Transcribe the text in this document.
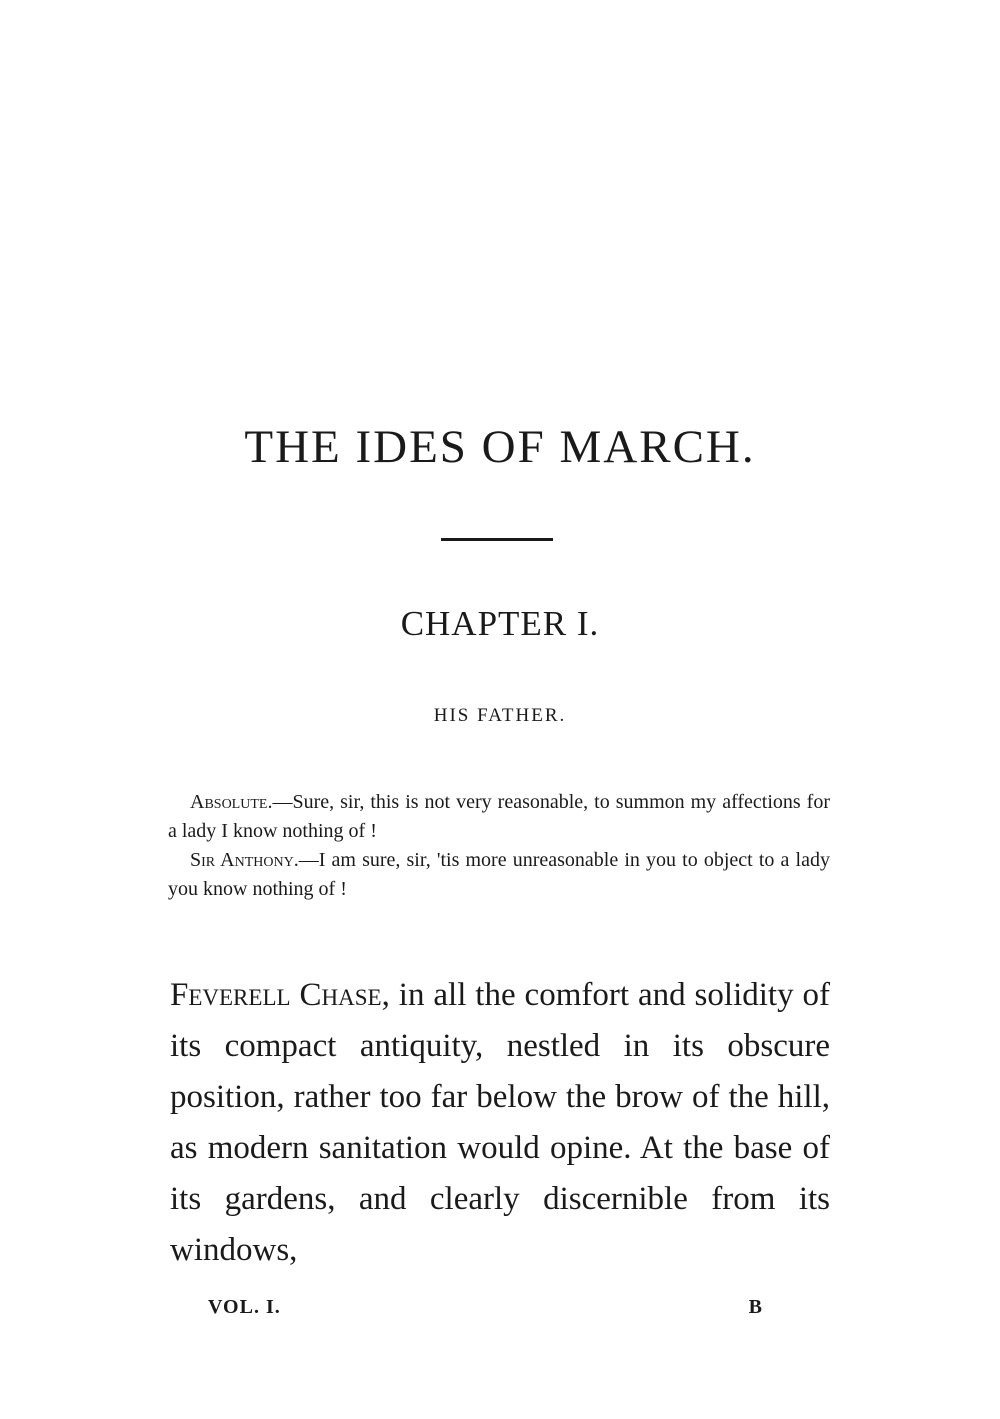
THE IDES OF MARCH.
CHAPTER I.
HIS FATHER.

Absolute.—Sure, sir, this is not very reasonable, to summon my affections for a lady I know nothing of !

Sir Anthony.—I am sure, sir, 'tis more unreasonable in you to object to a lady you know nothing of !

Feverell Chase, in all the comfort and solidity of its compact antiquity, nestled in its obscure position, rather too far below the brow of the hill, as modern sanitation would opine. At the base of its gardens, and clearly discernible from its windows,

VOL. I.	B
